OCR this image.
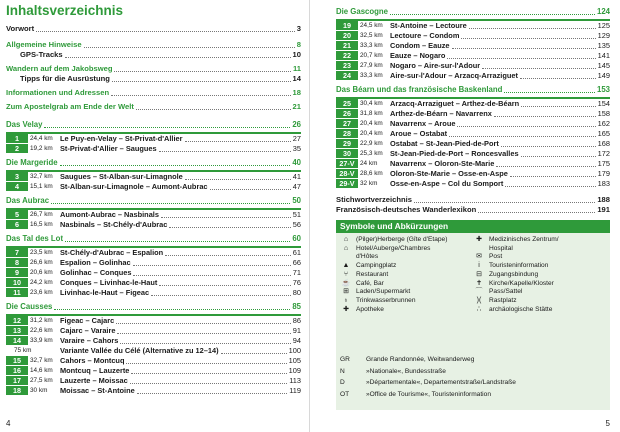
Inhaltsverzeichnis
Vorwort	3
Allgemeine Hinweise	8
GPS-Tracks	10
Wandern auf dem Jakobsweg	11
Tipps für die Ausrüstung	14
Informationen und Adressen	18
Zum Apostelgrab am Ende der Welt	21
Das Velay	26
1	24,4 km Le Puy-en-Velay – St-Privat-d'Allier	27
2	19,2 km St-Privat-d'Allier – Saugues	35
Die Margeride	40
3	32,7 km Saugues – St-Alban-sur-Limagnole	41
4	15,1 km St-Alban-sur-Limagnole – Aumont-Aubrac	47
Das Aubrac	50
5	26,7 km Aumont-Aubrac – Nasbinals	51
6	16,5 km Nasbinals – St-Chély-d'Aubrac	56
Das Tal des Lot	60
7	23,5 km St-Chély-d'Aubrac – Espalion	61
8	26,6 km Espalion – Golinhac	66
9	20,6 km Golinhac – Conques	71
10	24,2 km Conques – Livinhac-le-Haut	76
11	23,6 km Livinhac-le-Haut – Figeac	80
Die Causses	85
12	31,2 km Figeac – Cajarc	86
13	22,6 km Cajarc – Varaire	91
14	33,9 km Varaire – Cahors	94
75 km	Variante Vallée du Célé (Alternative zu 12–14)	100
15	32,7 km Cahors – Montcuq	105
16	14,6 km Montcuq – Lauzerte	109
17	27,5 km Lauzerte – Moissac	113
18	30 km	Moissac – St-Antoine	119
4
Die Gascogne	124
19	24,5 km St-Antoine – Lectoure	125
20	32,5 km Lectoure – Condom	129
21	33,3 km Condom – Eauze	135
22	20,7 km Eauze – Nogaro	141
23	27,9 km Nogaro – Aire-sur-l'Adour	145
24	33,3 km Aire-sur-l'Adour – Arzacq-Arraziguet	149
Das Béarn und das französische Baskenland	153
25	30,4 km Arzacq-Arraziguet – Arthez-de-Béarn	154
26	31,8 km Arthez-de-Béarn – Navarrenx	158
27	20,4 km Navarrenx – Aroue	162
28	20,4 km Aroue – Ostabat	165
29	22,9 km Ostabat – St-Jean-Pied-de-Port	168
30	25,3 km St-Jean-Pied-de-Port – Roncesvalles	172
27-V 24 km	Navarrenx – Oloron-Ste-Marie	175
28-V 28,6 km Oloron-Ste-Marie – Osse-en-Aspe	179
29-V 32 km	Osse-en-Aspe – Col du Somport	183
Stichwortverzeichnis	188
Französisch-deutsches Wanderlexikon	191
Symbole und Abkürzungen
⌂	(Pilger)Herberge (Gîte d'Etape)
⌂	Hotel/Auberge/Chambres
d'Hôtes
▲ Campingplatz
⑂	Restaurant
☕ Café, Bar
⊞	Laden/Supermarkt
♁	Trinkwasserbrunnen
✚	Apotheke
✚	Medizinisches Zentrum/
Hospital
✉	Post
i	Touristeninformation
⊟	Zugangsbindung
✝	Kirche/Kapelle/Kloster
⌒ Pass/Sattel
)(	Rastplatz
∴	archäologische Stätte
GR	Grande Randonnée, Weitwanderweg
N	»Nationale«, Bundesstraße
D	»Départementale«, Departementstraße/Landstraße
OT	»Office de Tourisme«, Touristeninformation
5
